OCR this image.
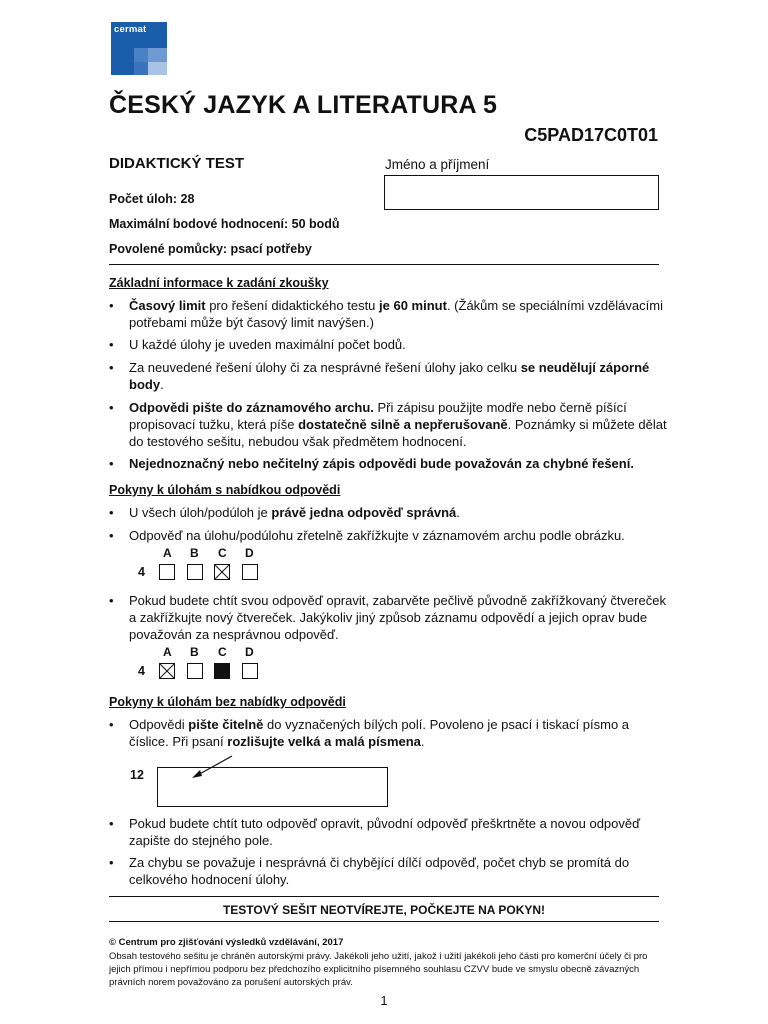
cermat
ČESKÝ JAZYK A LITERATURA 5
C5PAD17C0T01
DIDAKTICKÝ TEST	Jméno a příjmení
Počet úloh: 28
Maximální bodové hodnocení: 50 bodů
Povolené pomůcky: psací potřeby
Základní informace k zadání zkoušky
• Časový limit pro řešení didaktického testu je 60 minut. (Žákům se speciálními vzdělávacími potřebami může být časový limit navýšen.)
• U každé úlohy je uveden maximální počet bodů.
• Za neuvedené řešení úlohy či za nesprávné řešení úlohy jako celku se neudělují záporné body.
• Odpovědi pište do záznamového archu. Při zápisu použijte modře nebo černě píšící propisovací tužku, která píše dostatečně silně a nepřerušovaně. Poznámky si můžete dělat do testového sešitu, nebudou však předmětem hodnocení.
• Nejednoznačný nebo nečitelný zápis odpovědi bude považován za chybné řešení.
Pokyny k úlohám s nabídkou odpovědi
• U všech úloh/podúloh je právě jedna odpověď správná.
• Odpověď na úlohu/podúlohu zřetelně zakřížkujte v záznamovém archu podle obrázku.
A B C D
4
• Pokud budete chtít svou odpověď opravit, zabarvěte pečlivě původně zakřížkovaný čtvereček a zakřížkujte nový čtvereček. Jakýkoliv jiný způsob záznamu odpovědí a jejich oprav bude považován za nesprávnou odpověď.
A B C D
4
Pokyny k úlohám bez nabídky odpovědi
• Odpovědi pište čitelně do vyznačených bílých polí. Povoleno je psací i tiskací písmo a číslice. Při psaní rozlišujte velká a malá písmena.
12
• Pokud budete chtít tuto odpověď opravit, původní odpověď přeškrtněte a novou odpověď zapište do stejného pole.
• Za chybu se považuje i nesprávná či chybějící dílčí odpověď, počet chyb se promítá do celkového hodnocení úlohy.
TESTOVÝ SEŠIT NEOTVÍREJTE, POČKEJTE NA POKYN!
© Centrum pro zjišťování výsledků vzdělávání, 2017
Obsah testového sešitu je chráněn autorskými právy. Jakékoli jeho užití, jakož i užití jakékoli jeho části pro komerční účely či pro jejich přímou i nepřímou podporu bez předchozího explicitního písemného souhlasu CZVV bude ve smyslu obecně závazných právních norem považováno za porušení autorských práv.
1
